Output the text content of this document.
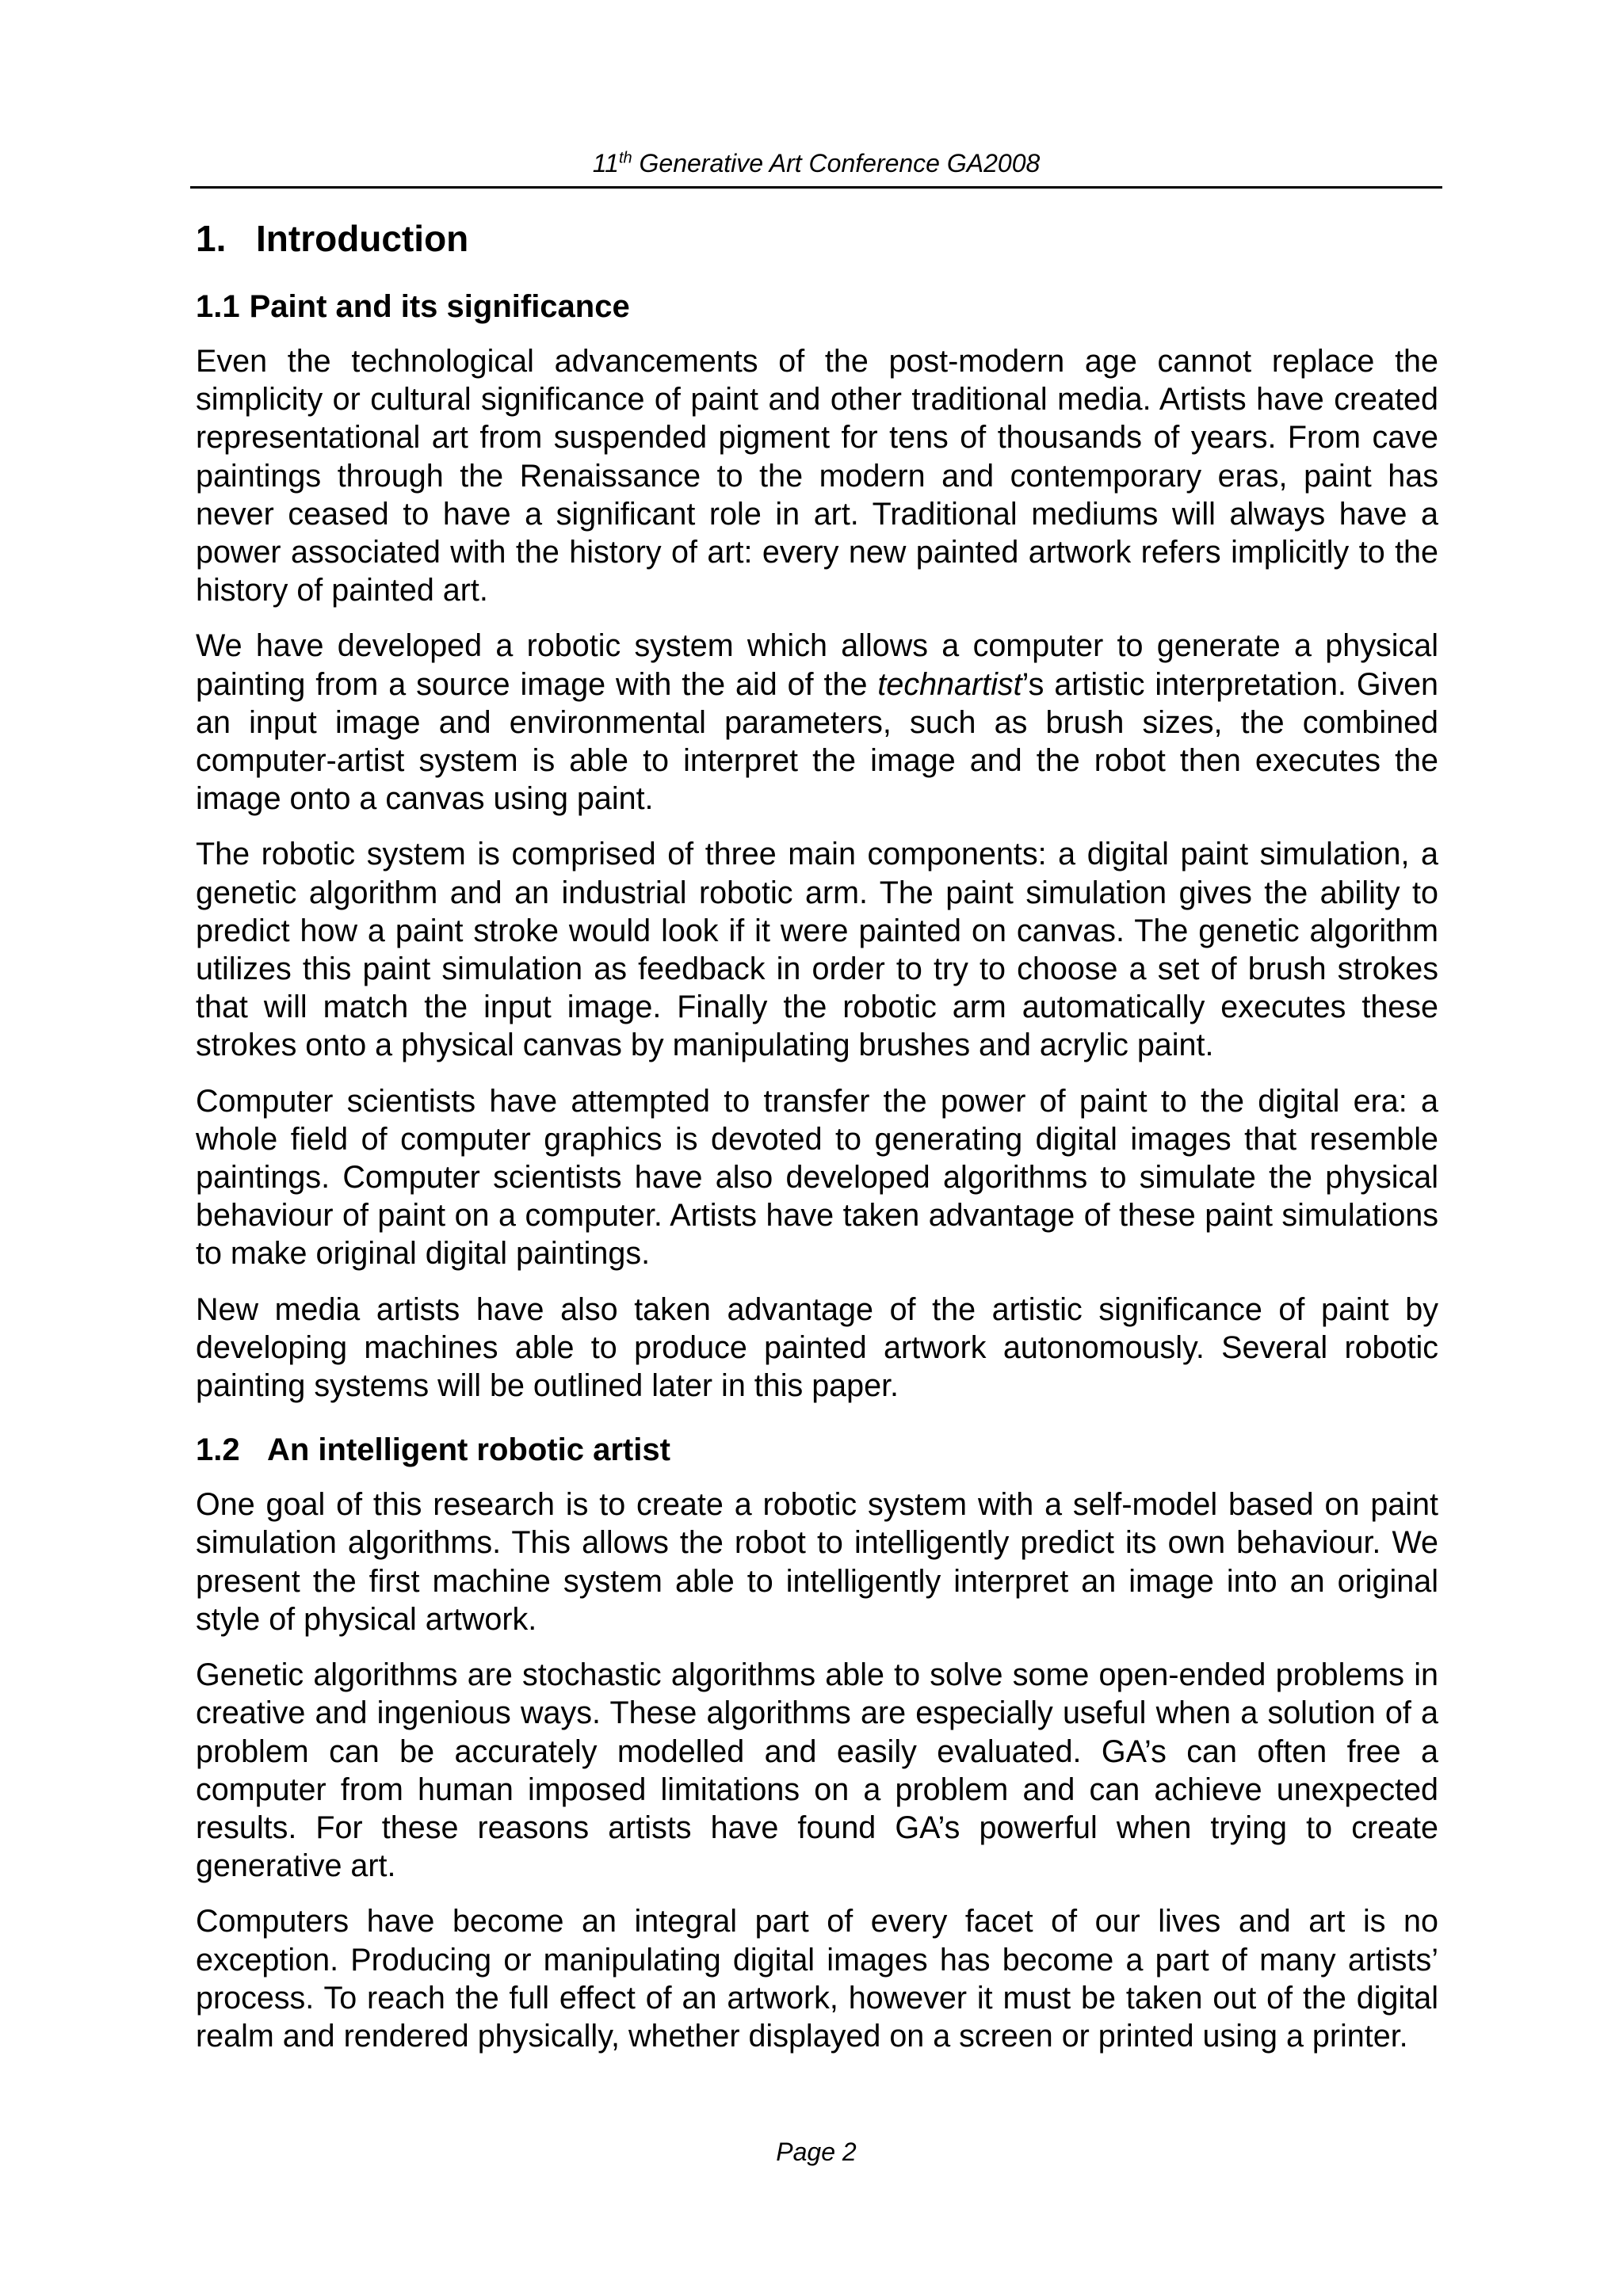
11th Generative Art Conference GA2008
1. Introduction
1.1 Paint and its significance

Even the technological advancements of the post-modern age cannot replace the simplicity or cultural significance of paint and other traditional media. Artists have created representational art from suspended pigment for tens of thousands of years. From cave paintings through the Renaissance to the modern and contemporary eras, paint has never ceased to have a significant role in art. Traditional mediums will always have a power associated with the history of art: every new painted artwork refers implicitly to the history of painted art.

We have developed a robotic system which allows a computer to generate a physical painting from a source image with the aid of the technartist’s artistic interpretation. Given an input image and environmental parameters, such as brush sizes, the combined computer-artist system is able to interpret the image and the robot then executes the image onto a canvas using paint.

The robotic system is comprised of three main components: a digital paint simulation, a genetic algorithm and an industrial robotic arm. The paint simulation gives the ability to predict how a paint stroke would look if it were painted on canvas. The genetic algorithm utilizes this paint simulation as feedback in order to try to choose a set of brush strokes that will match the input image. Finally the robotic arm automatically executes these strokes onto a physical canvas by manipulating brushes and acrylic paint.

Computer scientists have attempted to transfer the power of paint to the digital era: a whole field of computer graphics is devoted to generating digital images that resemble paintings. Computer scientists have also developed algorithms to simulate the physical behaviour of paint on a computer. Artists have taken advantage of these paint simulations to make original digital paintings.

New media artists have also taken advantage of the artistic significance of paint by developing machines able to produce painted artwork autonomously. Several robotic painting systems will be outlined later in this paper.

1.2 An intelligent robotic artist

One goal of this research is to create a robotic system with a self-model based on paint simulation algorithms. This allows the robot to intelligently predict its own behaviour. We present the first machine system able to intelligently interpret an image into an original style of physical artwork.

Genetic algorithms are stochastic algorithms able to solve some open-ended problems in creative and ingenious ways. These algorithms are especially useful when a solution of a problem can be accurately modelled and easily evaluated. GA’s can often free a computer from human imposed limitations on a problem and can achieve unexpected results. For these reasons artists have found GA’s powerful when trying to create generative art.

Computers have become an integral part of every facet of our lives and art is no exception. Producing or manipulating digital images has become a part of many artists’ process. To reach the full effect of an artwork, however it must be taken out of the digital realm and rendered physically, whether displayed on a screen or printed using a printer.

Page 2
